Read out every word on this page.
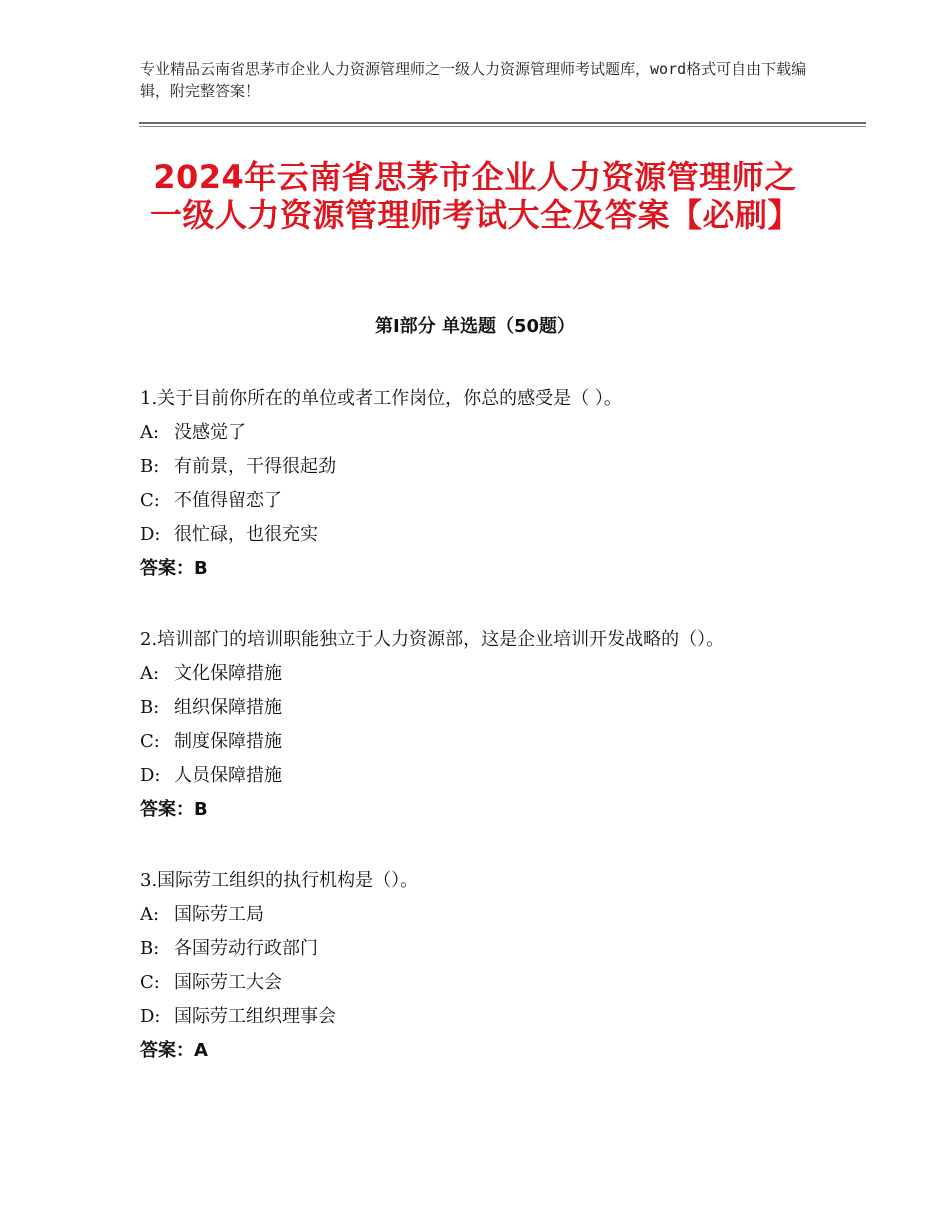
专业精品云南省思茅市企业人力资源管理师之一级人力资源管理师考试题库，word格式可自由下载编辑，附完整答案！
2024年云南省思茅市企业人力资源管理师之一级人力资源管理师考试大全及答案【必刷】
第Ⅰ部分 单选题（50题）
1.关于目前你所在的单位或者工作岗位，你总的感受是（ ）。
A: 没感觉了
B: 有前景，干得很起劲
C: 不值得留恋了
D: 很忙碌，也很充实
答案：B
2.培训部门的培训职能独立于人力资源部，这是企业培训开发战略的（）。
A: 文化保障措施
B: 组织保障措施
C: 制度保障措施
D: 人员保障措施
答案：B
3.国际劳工组织的执行机构是（）。
A: 国际劳工局
B: 各国劳动行政部门
C: 国际劳工大会
D: 国际劳工组织理事会
答案：A
